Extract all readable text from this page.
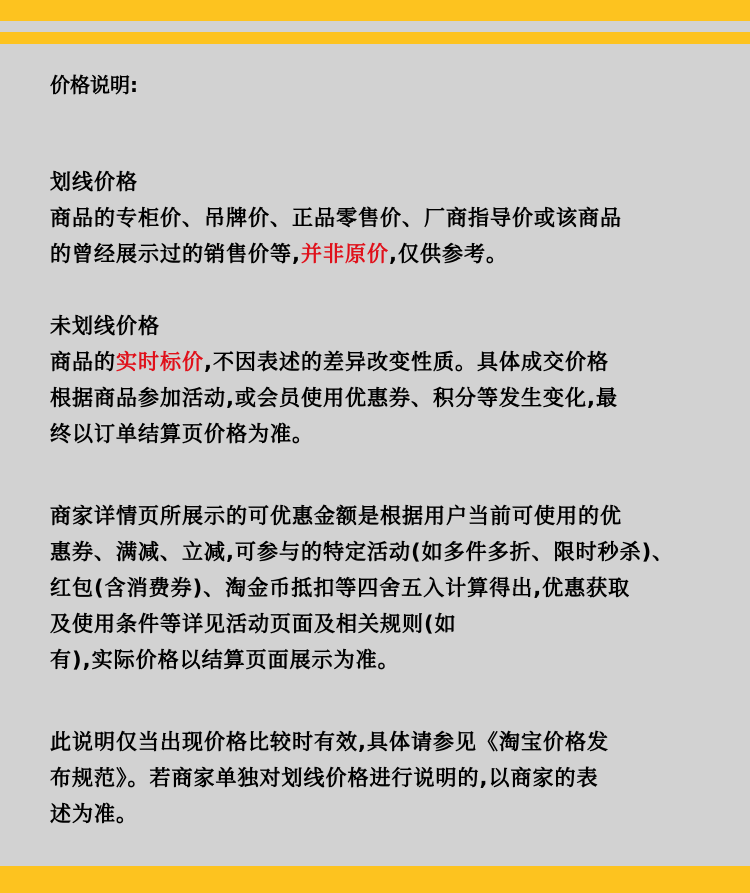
价格说明:
划线价格
商品的专柜价、吊牌价、正品零售价、厂商指导价或该商品
的曾经展示过的销售价等,并非原价,仅供参考。
未划线价格
商品的实时标价,不因表述的差异改变性质。具体成交价格
根据商品参加活动,或会员使用优惠券、积分等发生变化,最
终以订单结算页价格为准。
商家详情页所展示的可优惠金额是根据用户当前可使用的优
惠券、满减、立减,可参与的特定活动(如多件多折、限时秒杀)、
红包(含消费券)、淘金币抵扣等四舍五入计算得出,优惠获取
及使用条件等详见活动页面及相关规则(如
有),实际价格以结算页面展示为准。
此说明仅当出现价格比较时有效,具体请参见《淘宝价格发
布规范》。若商家单独对划线价格进行说明的,以商家的表
述为准。
